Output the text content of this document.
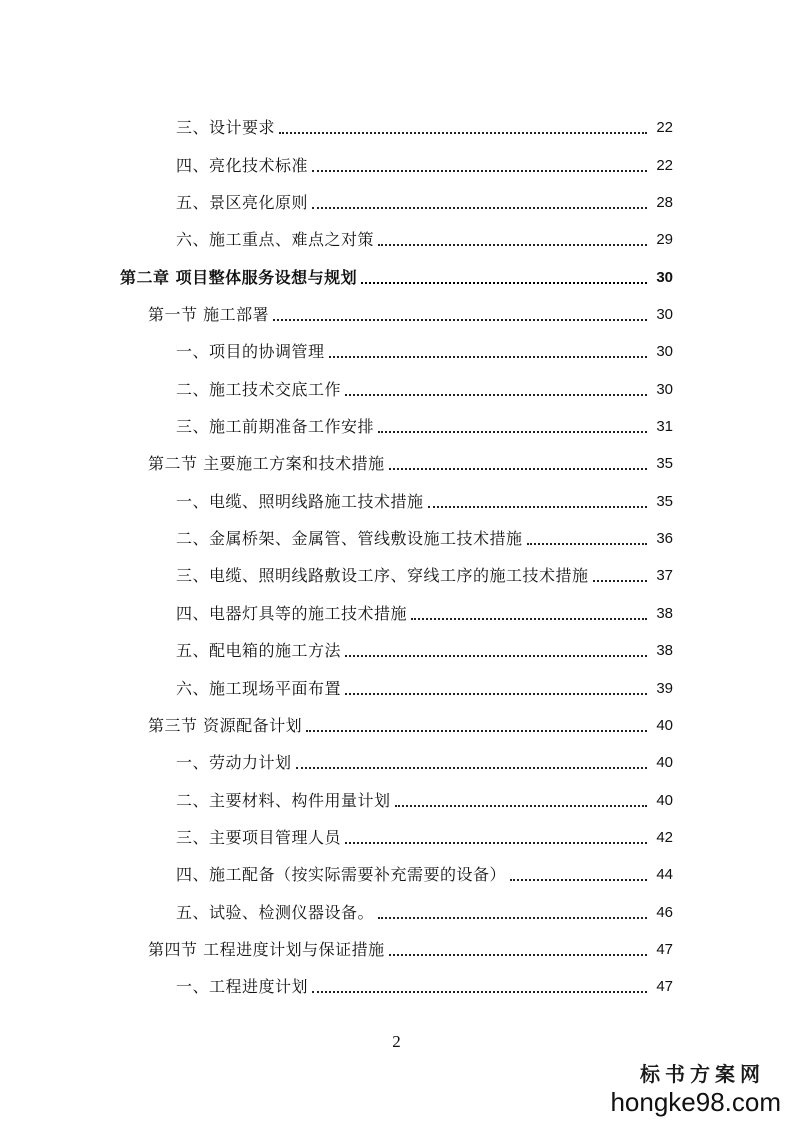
三、设计要求	22
四、亮化技术标准	22
五、景区亮化原则	28
六、施工重点、难点之对策	29
第二章 项目整体服务设想与规划	30
第一节 施工部署	30
一、项目的协调管理	30
二、施工技术交底工作	30
三、施工前期准备工作安排	31
第二节 主要施工方案和技术措施	35
一、电缆、照明线路施工技术措施	35
二、金属桥架、金属管、管线敷设施工技术措施	36
三、电缆、照明线路敷设工序、穿线工序的施工技术措施	37
四、电器灯具等的施工技术措施	38
五、配电箱的施工方法	38
六、施工现场平面布置	39
第三节 资源配备计划	40
一、劳动力计划	40
二、主要材料、构件用量计划	40
三、主要项目管理人员	42
四、施工配备（按实际需要补充需要的设备）	44
五、试验、检测仪器设备。	46
第四节 工程进度计划与保证措施	47
一、工程进度计划	47
2
标书方案网
hongke98.com
